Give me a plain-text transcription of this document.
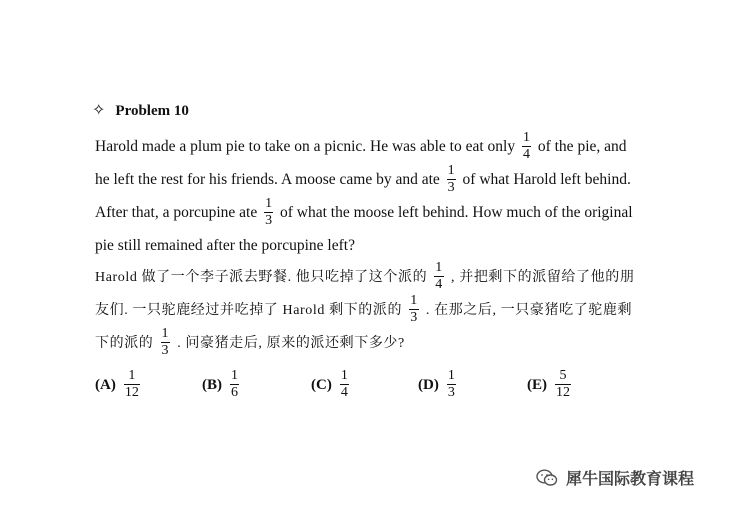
✧ Problem 10
Harold made a plum pie to take on a picnic. He was able to eat only $\frac{1}{4}$ of the pie, and he left the rest for his friends. A moose came by and ate $\frac{1}{3}$ of what Harold left behind. After that, a porcupine ate $\frac{1}{3}$ of what the moose left behind. How much of the original pie still remained after the porcupine left?
Harold 做了一个李子派去野餐. 他只吃掉了这个派的 $\frac{1}{4}$ , 并把剩下的派留给了他的朋友们. 一只驼鹿经过并吃掉了 Harold 剩下的派的 $\frac{1}{3}$ . 在那之后, 一只豪猪吃了驼鹿剩下的派的 $\frac{1}{3}$ . 问豪猪走后, 原来的派还剩下多少?
$(A) \frac{1}{12}$	$(B) \frac{1}{6}$	$(C) \frac{1}{4}$	$(D) \frac{1}{3}$	$(E) \frac{5}{12}$
犀牛国际教育课程
